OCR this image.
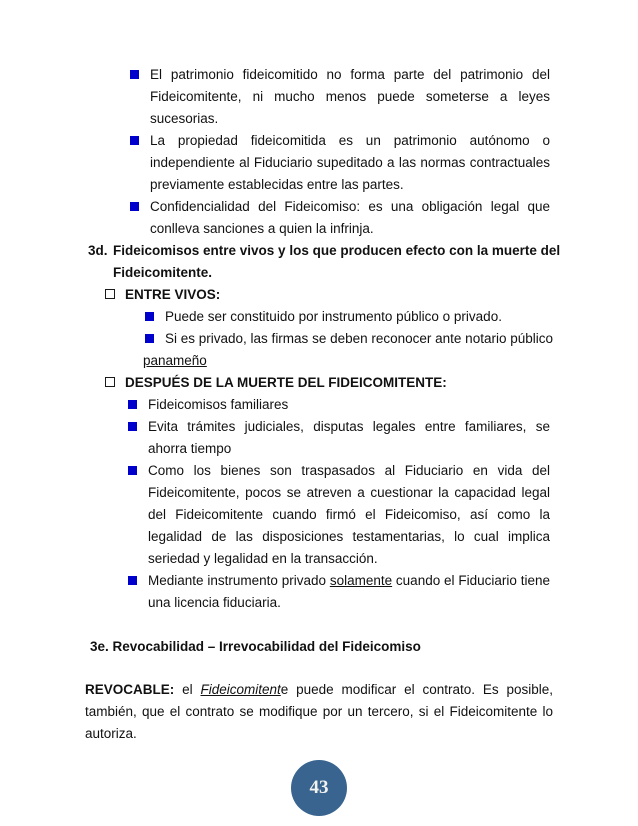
El patrimonio fideicomitido no forma parte del patrimonio del Fideicomitente, ni mucho menos puede someterse a leyes sucesorias.
La propiedad fideicomitida es un patrimonio autónomo o independiente al Fiduciario supeditado a las normas contractuales previamente establecidas entre las partes.
Confidencialidad del Fideicomiso: es una obligación legal que conlleva sanciones a quien la infrinja.

3d. Fideicomisos entre vivos y los que producen efecto con la muerte del Fideicomitente.

ENTRE VIVOS:

Puede ser constituido por instrumento público o privado.
Si es privado, las firmas se deben reconocer ante notario público panameño

DESPUÉS DE LA MUERTE DEL FIDEICOMITENTE:

Fideicomisos familiares
Evita trámites judiciales, disputas legales entre familiares, se ahorra tiempo
Como los bienes son traspasados al Fiduciario en vida del Fideicomitente, pocos se atreven a cuestionar la capacidad legal del Fideicomitente cuando firmó el Fideicomiso, así como la legalidad de las disposiciones testamentarias, lo cual implica seriedad y legalidad en la transacción.
Mediante instrumento privado solamente cuando el Fiduciario tiene una licencia fiduciaria.

3e. Revocabilidad – Irrevocabilidad del Fideicomiso

REVOCABLE: el Fideicomitente puede modificar el contrato. Es posible, también, que el contrato se modifique por un tercero, si el Fideicomitente lo autoriza.

43
